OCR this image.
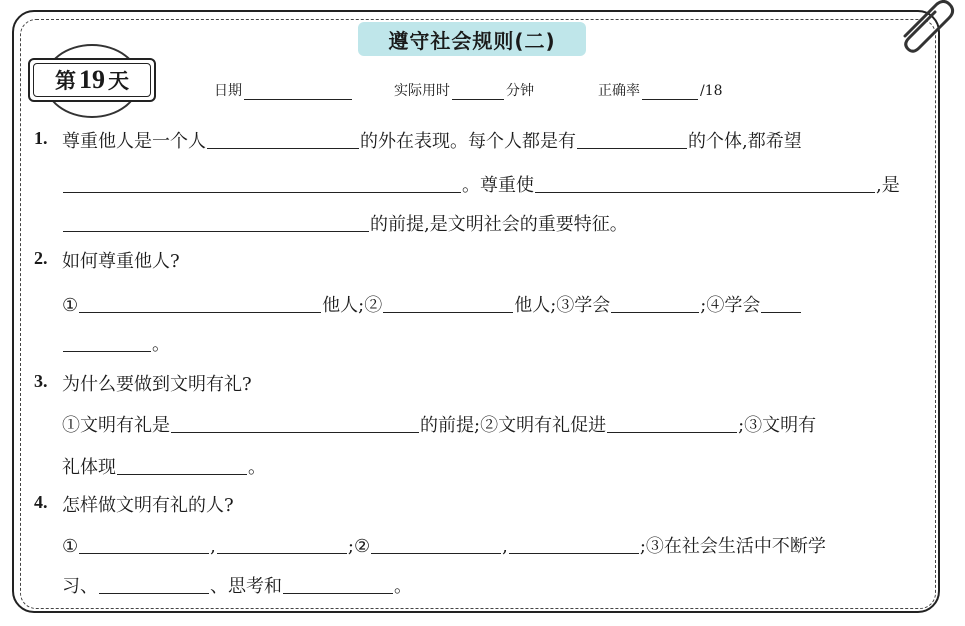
遵守社会规则(二)
第 19 天	日期	实际用时	分钟	正确率	/18
1. 尊重他人是一个人	的外在表现。每个人都是有	的个体,都希望
。尊重使	,是
的前提,是文明社会的重要特征。
2. 如何尊重他人?
①	他人;②	他人;③学会	;④学会
。
3. 为什么要做到文明有礼?
①文明有礼是	的前提;②文明有礼促进	;③文明有
礼体现	。
4. 怎样做文明有礼的人?
①	,	;②	,	;③在社会生活中不断学
习、	、思考和	。
